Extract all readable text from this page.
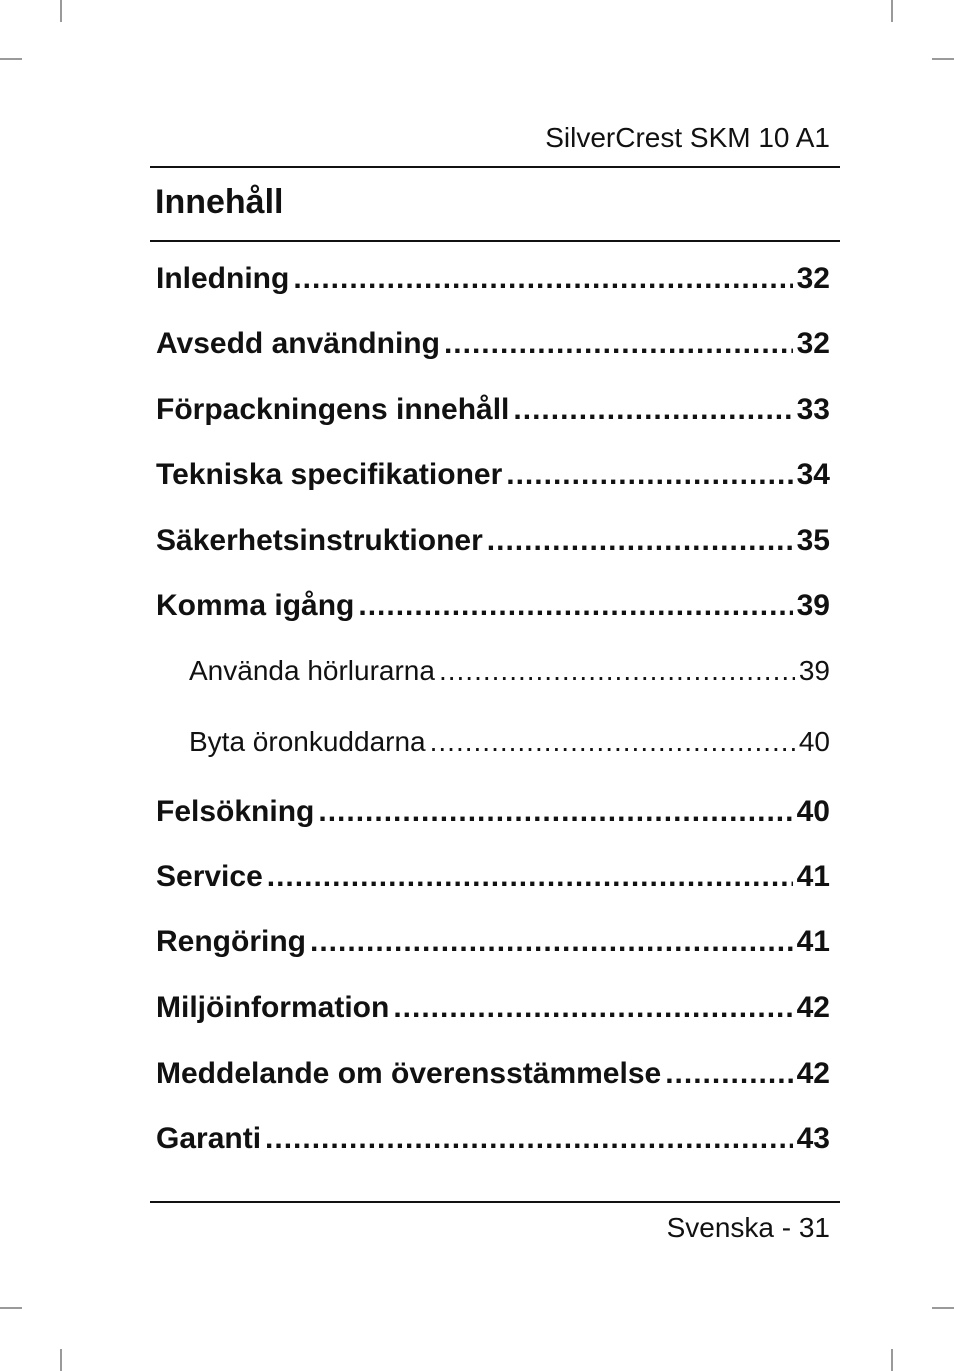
SilverCrest SKM 10 A1
Innehåll
Inledning .....	32
Avsedd användning .....	32
Förpackningens innehåll .....	33
Tekniska specifikationer .....	34
Säkerhetsinstruktioner .....	35
Komma igång .....	39
Använda hörlurarna .....	39
Byta öronkuddarna .....	40
Felsökning .....	40
Service .....	41
Rengöring .....	41
Miljöinformation .....	42
Meddelande om överensstämmelse .....	42
Garanti .....	43
Svenska - 31
